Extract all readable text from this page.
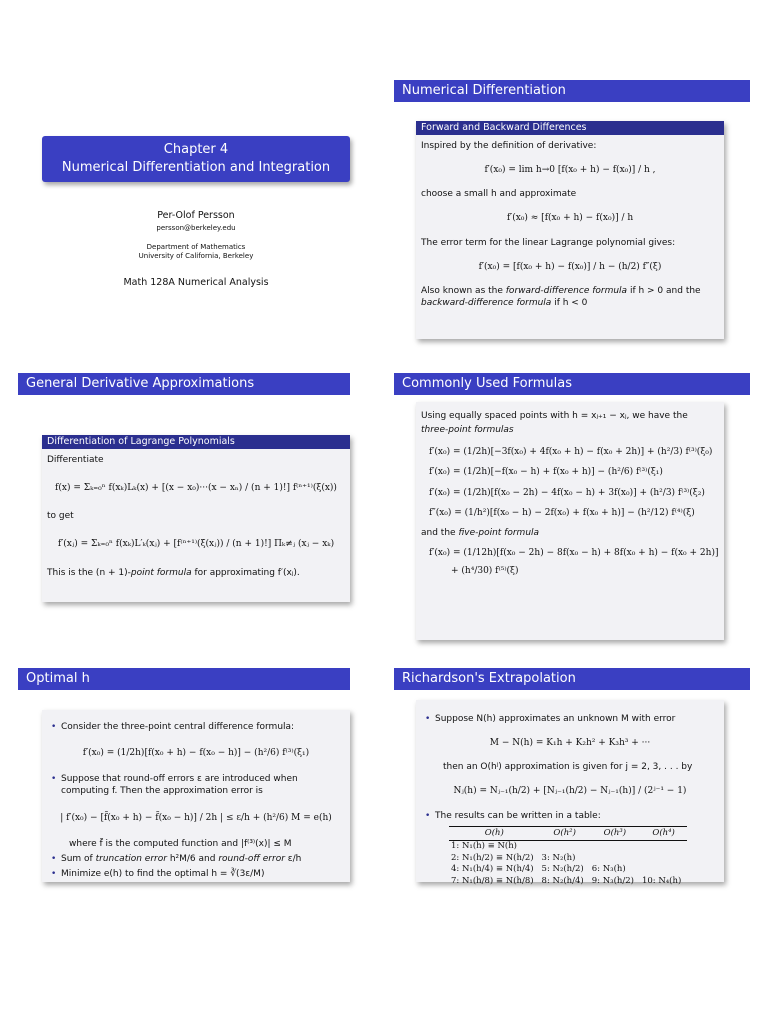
Chapter 4
Numerical Differentiation and Integration
Per-Olof Persson
persson@berkeley.edu
Department of Mathematics
University of California, Berkeley
Math 128A Numerical Analysis
Numerical Differentiation
Forward and Backward Differences
Inspired by the definition of derivative:
f′(x₀) = lim h→0 [f(x₀ + h) − f(x₀)] / h ,
choose a small h and approximate
f′(x₀) ≈ [f(x₀ + h) − f(x₀)] / h
The error term for the linear Lagrange polynomial gives:
f′(x₀) = [f(x₀ + h) − f(x₀)] / h − (h/2) f″(ξ)
Also known as the forward-difference formula if h > 0 and the
backward-difference formula if h < 0
General Derivative Approximations
Differentiation of Lagrange Polynomials
Differentiate
f(x) = Σₖ₌₀ⁿ f(xₖ)Lₖ(x) + [(x − x₀)···(x − xₙ) / (n + 1)!] f⁽ⁿ⁺¹⁾(ξ(x))
to get
f′(xⱼ) = Σₖ₌₀ⁿ f(xₖ)L′ₖ(xⱼ) + [f⁽ⁿ⁺¹⁾(ξ(xⱼ)) / (n + 1)!] Πₖ≠ⱼ (xⱼ − xₖ)
This is the (n + 1)-point formula for approximating f′(xⱼ).
Commonly Used Formulas
Using equally spaced points with h = xⱼ₊₁ − xⱼ, we have the
three-point formulas
f′(x₀) = (1/2h)[−3f(x₀) + 4f(x₀ + h) − f(x₀ + 2h)] + (h²/3) f⁽³⁾(ξ₀)
f′(x₀) = (1/2h)[−f(x₀ − h) + f(x₀ + h)] − (h²/6) f⁽³⁾(ξ₁)
f′(x₀) = (1/2h)[f(x₀ − 2h) − 4f(x₀ − h) + 3f(x₀)] + (h²/3) f⁽³⁾(ξ₂)
f″(x₀) = (1/h²)[f(x₀ − h) − 2f(x₀) + f(x₀ + h)] − (h²/12) f⁽⁴⁾(ξ)
and the five-point formula
f′(x₀) = (1/12h)[f(x₀ − 2h) − 8f(x₀ − h) + 8f(x₀ + h) − f(x₀ + 2h)]
+ (h⁴/30) f⁽⁵⁾(ξ)
Optimal h
• Consider the three-point central difference formula:
f′(x₀) = (1/2h)[f(x₀ + h) − f(x₀ − h)] − (h²/6) f⁽³⁾(ξ₁)
• Suppose that round-off errors ε are introduced when computing f. Then the approximation error is
| f′(x₀) − [f̃(x₀ + h) − f̃(x₀ − h)] / 2h | ≤ ε/h + (h²/6) M = e(h)
where f̃ is the computed function and |f⁽³⁾(x)| ≤ M
• Sum of truncation error h²M/6 and round-off error ε/h
• Minimize e(h) to find the optimal h = ∛(3ε/M)
Richardson's Extrapolation
• Suppose N(h) approximates an unknown M with error
M − N(h) = K₁h + K₂h² + K₃h³ + ···
then an O(hʲ) approximation is given for j = 2, 3, . . . by
Nⱼ(h) = Nⱼ₋₁(h/2) + [Nⱼ₋₁(h/2) − Nⱼ₋₁(h)] / (2ʲ⁻¹ − 1)
• The results can be written in a table:
O(h)	O(h²)	O(h³)	O(h⁴)
1: N₁(h) ≡ N(h)			
2: N₁(h/2) ≡ N(h/2)	3: N₂(h)		
4: N₁(h/4) ≡ N(h/4)	5: N₂(h/2)	6: N₃(h)	
7: N₁(h/8) ≡ N(h/8)	8: N₂(h/4)	9: N₃(h/2)	10: N₄(h)
